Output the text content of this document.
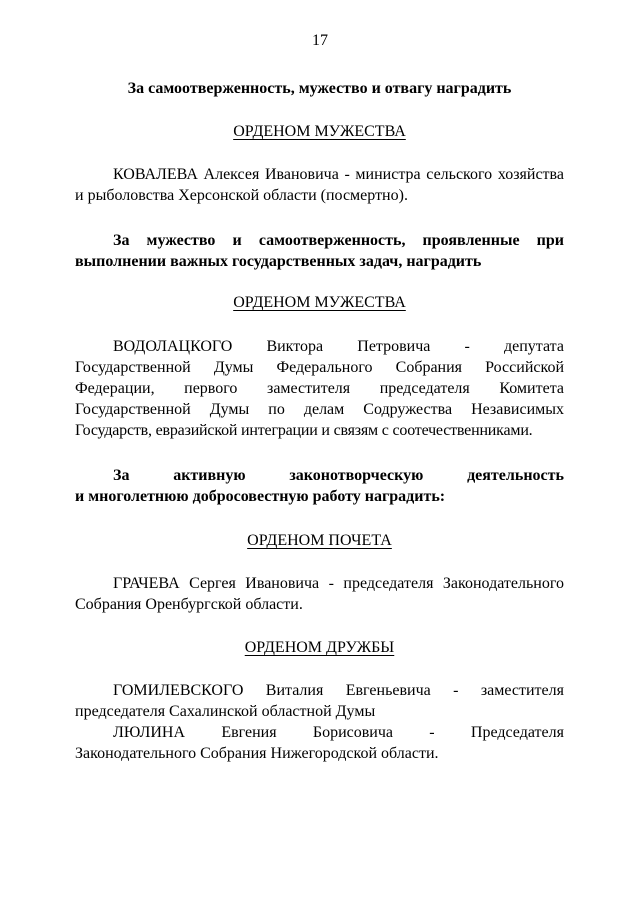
17
За самоотверженность, мужество и отвагу наградить
ОРДЕНОМ МУЖЕСТВА
КОВАЛЕВА Алексея Ивановича - министра сельского хозяйства
и рыболовства Херсонской области (посмертно).
За мужество и самоотверженность, проявленные при
выполнении важных государственных задач, наградить
ОРДЕНОМ МУЖЕСТВА
ВОДОЛАЦКОГО Виктора Петровича - депутата
Государственной Думы Федерального Собрания Российской
Федерации, первого заместителя председателя Комитета
Государственной Думы по делам Содружества Независимых
Государств, евразийской интеграции и связям с соотечественниками.
За	активную	законотворческую	деятельность
и многолетнюю добросовестную работу наградить:
ОРДЕНОМ ПОЧЕТА
ГРАЧЕВА Сергея Ивановича - председателя Законодательного
Собрания Оренбургской области.
ОРДЕНОМ ДРУЖБЫ
ГОМИЛЕВСКОГО Виталия Евгеньевича - заместителя
председателя Сахалинской областной Думы
ЛЮЛИНА Евгения Борисовича - Председателя
Законодательного Собрания Нижегородской области.
